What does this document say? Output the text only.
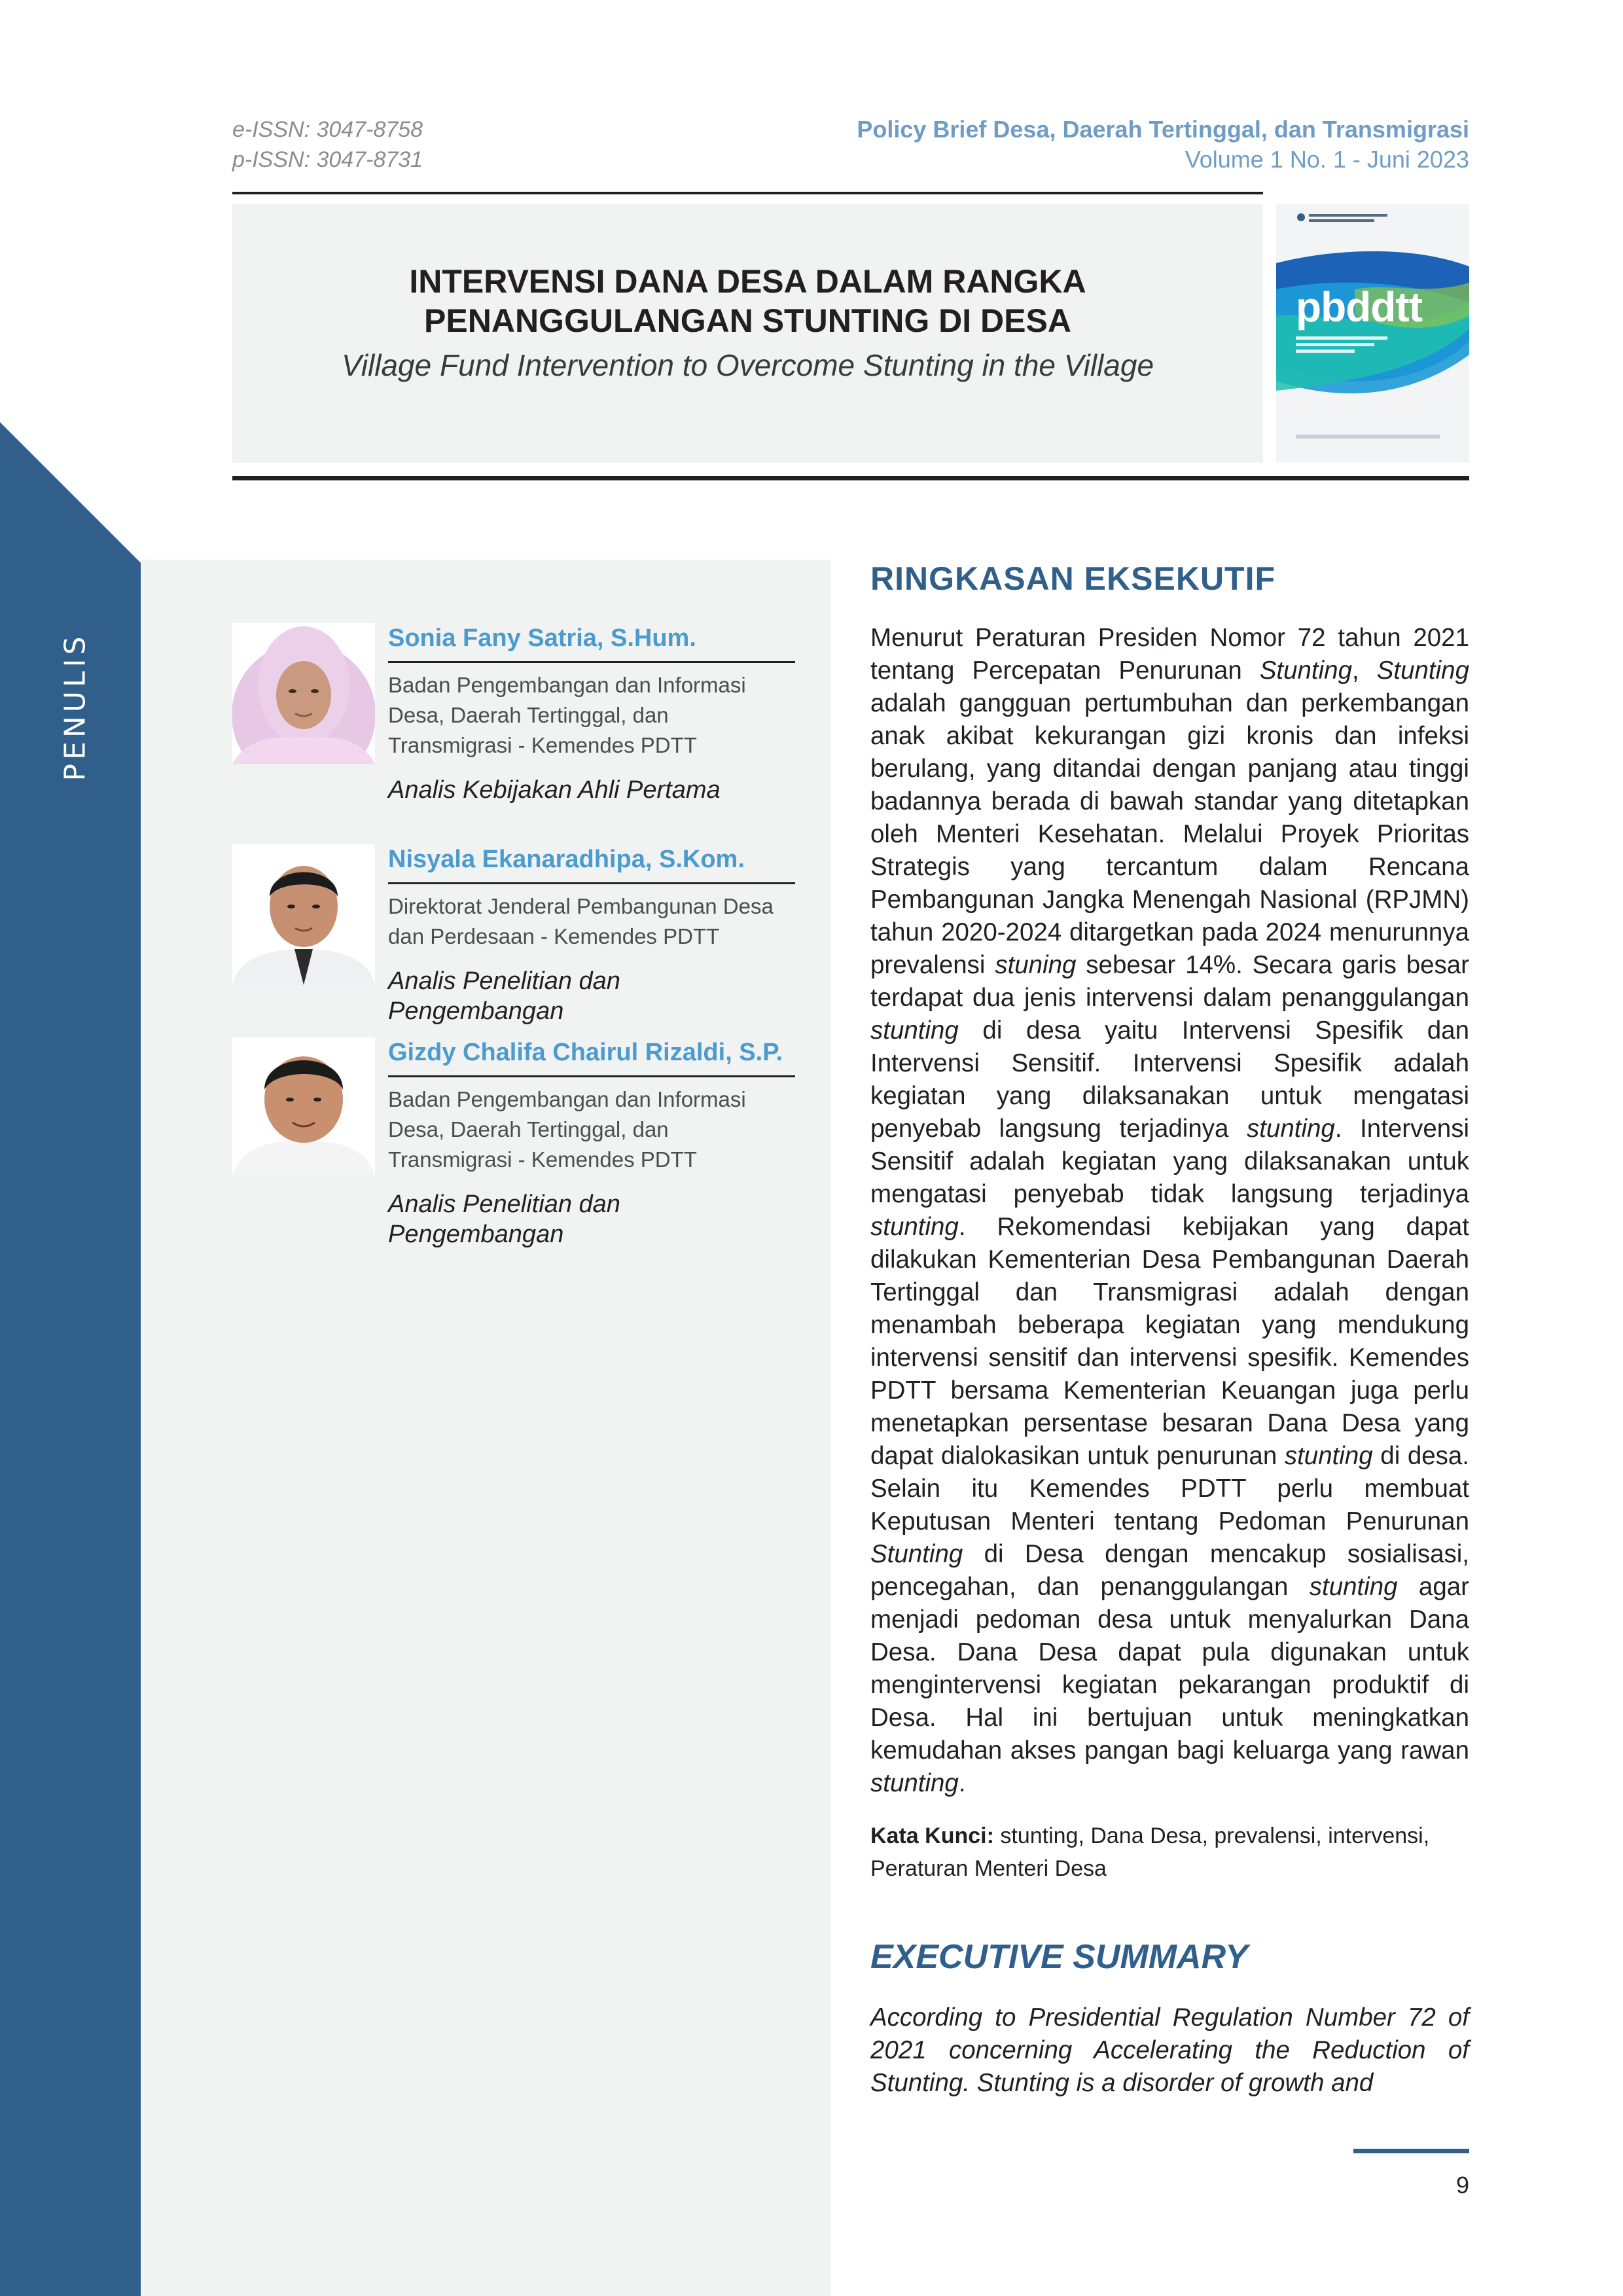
e-ISSN: 3047-8758
p-ISSN: 3047-8731
Policy Brief Desa, Daerah Tertinggal, dan Transmigrasi
Volume 1 No. 1 - Juni 2023
INTERVENSI DANA DESA DALAM RANGKA
PENANGGULANGAN STUNTING DI DESA
Village Fund Intervention to Overcome Stunting in the Village
pbddtt
PENULIS	Sonia Fany Satria, S.Hum.
Badan Pengembangan dan Informasi Desa, Daerah Tertinggal, dan Transmigrasi - Kemendes PDTT
Analis Kebijakan Ahli Pertama
Nisyala Ekanaradhipa, S.Kom.
Direktorat Jenderal Pembangunan Desa dan Perdesaan - Kemendes PDTT
Analis Penelitian dan Pengembangan
Gizdy Chalifa Chairul Rizaldi, S.P.
Badan Pengembangan dan Informasi Desa, Daerah Tertinggal, dan Transmigrasi - Kemendes PDTT
Analis Penelitian dan Pengembangan
RINGKASAN EKSEKUTIF
Menurut Peraturan Presiden Nomor 72 tahun 2021 tentang Percepatan Penurunan Stunting, Stunting adalah gangguan pertumbuhan dan perkembangan anak akibat kekurangan gizi kronis dan infeksi berulang, yang ditandai dengan panjang atau tinggi badannya berada di bawah standar yang ditetapkan oleh Menteri Kesehatan. Melalui Proyek Prioritas Strategis yang tercantum dalam Rencana Pembangunan Jangka Menengah Nasional (RPJMN) tahun 2020-2024 ditargetkan pada 2024 menurunnya prevalensi stuning sebesar 14%. Secara garis besar terdapat dua jenis intervensi dalam penanggulangan stunting di desa yaitu Intervensi Spesifik dan Intervensi Sensitif. Intervensi Spesifik adalah kegiatan yang dilaksanakan untuk mengatasi penyebab langsung terjadinya stunting. Intervensi Sensitif adalah kegiatan yang dilaksanakan untuk mengatasi penyebab tidak langsung terjadinya stunting. Rekomendasi kebijakan yang dapat dilakukan Kementerian Desa Pembangunan Daerah Tertinggal dan Transmigrasi adalah dengan menambah beberapa kegiatan yang mendukung intervensi sensitif dan intervensi spesifik. Kemendes PDTT bersama Kementerian Keuangan juga perlu menetapkan persentase besaran Dana Desa yang dapat dialokasikan untuk penurunan stunting di desa. Selain itu Kemendes PDTT perlu membuat Keputusan Menteri tentang Pedoman Penurunan Stunting di Desa dengan mencakup sosialisasi, pencegahan, dan penanggulangan stunting agar menjadi pedoman desa untuk menyalurkan Dana Desa. Dana Desa dapat pula digunakan untuk mengintervensi kegiatan pekarangan produktif di Desa. Hal ini bertujuan untuk meningkatkan kemudahan akses pangan bagi keluarga yang rawan stunting.
Kata Kunci: stunting, Dana Desa, prevalensi, intervensi, Peraturan Menteri Desa
EXECUTIVE SUMMARY
According to Presidential Regulation Number 72 of 2021 concerning Accelerating the Reduction of Stunting. Stunting is a disorder of growth and
9
